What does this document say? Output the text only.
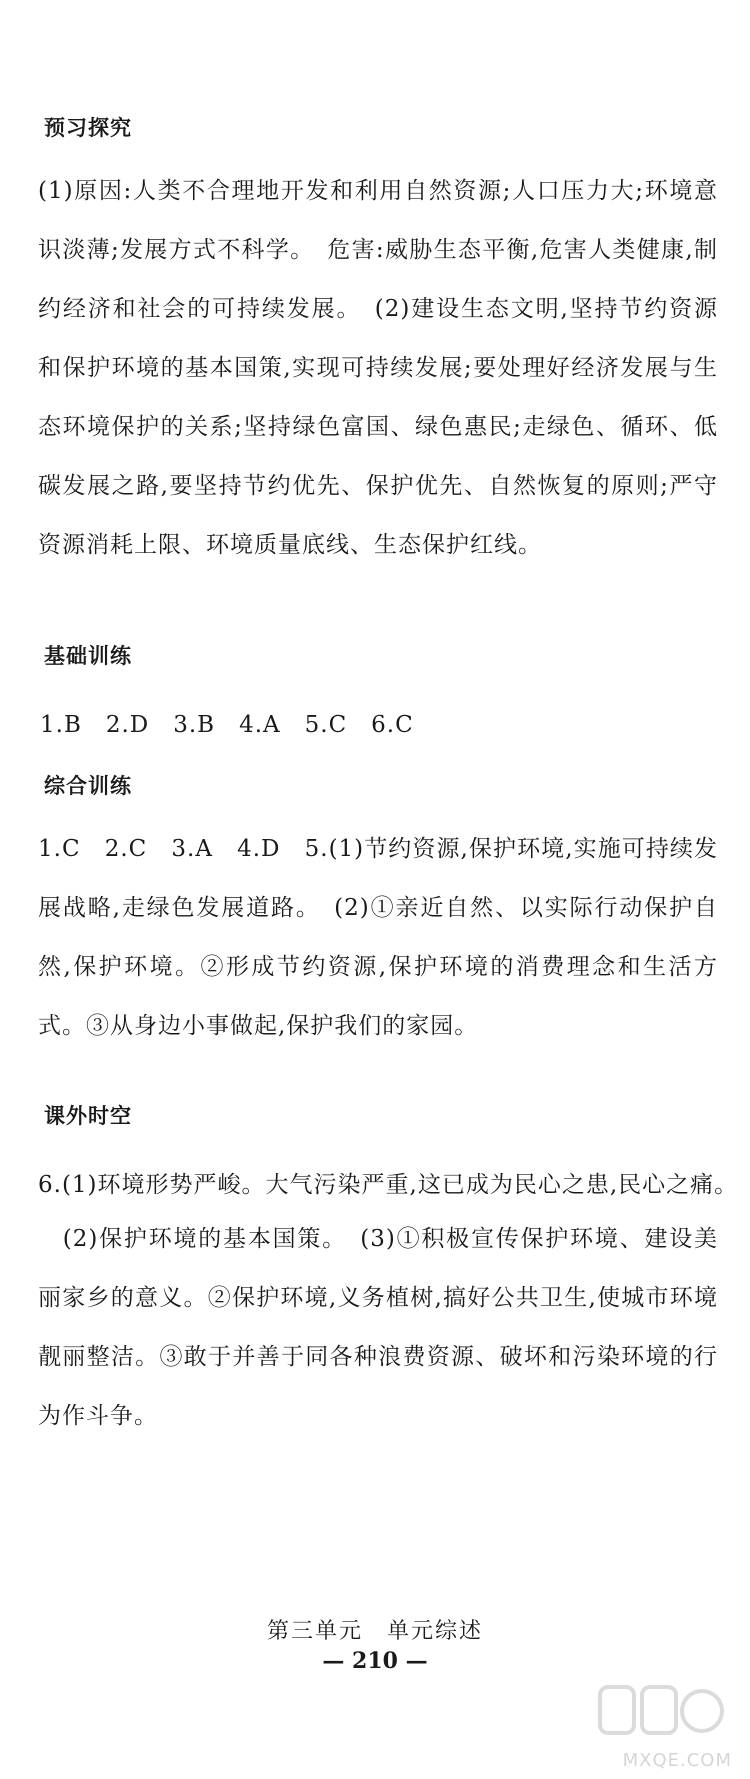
预习探究

(1)原因:人类不合理地开发和利用自然资源;人口压力大;环境意识淡薄;发展方式不科学。　危害:威胁生态平衡,危害人类健康,制约经济和社会的可持续发展。　(2)建设生态文明,坚持节约资源和保护环境的基本国策,实现可持续发展;要处理好经济发展与生态环境保护的关系;坚持绿色富国、绿色惠民;走绿色、循环、低碳发展之路,要坚持节约优先、保护优先、自然恢复的原则;严守资源消耗上限、环境质量底线、生态保护红线。

基础训练

1.B　2.D　3.B　4.A　5.C　6.C

综合训练

1.C　2.C　3.A　4.D　5.(1)节约资源,保护环境,实施可持续发展战略,走绿色发展道路。　(2)①亲近自然、以实际行动保护自然,保护环境。②形成节约资源,保护环境的消费理念和生活方式。③从身边小事做起,保护我们的家园。

课外时空

6.(1)环境形势严峻。大气污染严重,这已成为民心之患,民心之痛。

　(2)保护环境的基本国策。　(3)①积极宣传保护环境、建设美丽家乡的意义。②保护环境,义务植树,搞好公共卫生,使城市环境靓丽整洁。③敢于并善于同各种浪费资源、破坏和污染环境的行为作斗争。

第三单元　单元综述

— 210 —

MXQE.COM
